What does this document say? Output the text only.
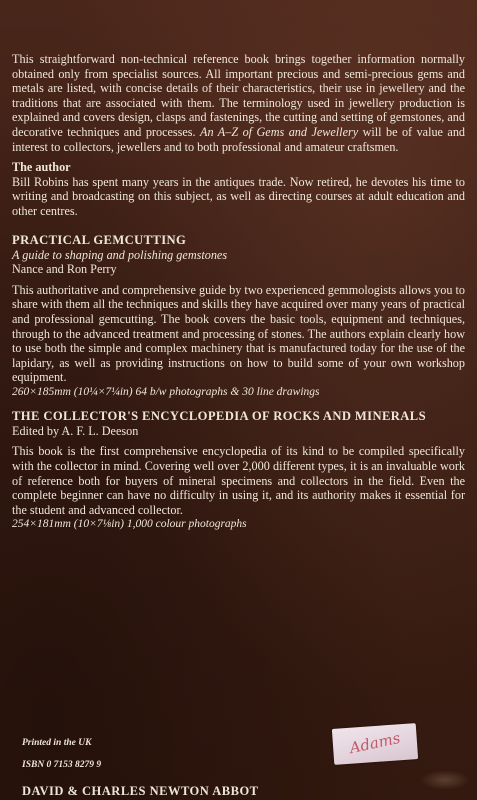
This straightforward non-technical reference book brings together information normally obtained only from specialist sources. All important precious and semi-precious gems and metals are listed, with concise details of their characteristics, their use in jewellery and the traditions that are associated with them. The terminology used in jewellery production is explained and covers design, clasps and fastenings, the cutting and setting of gemstones, and decorative techniques and processes. An A–Z of Gems and Jewellery will be of value and interest to collectors, jewellers and to both professional and amateur craftsmen.

The author

Bill Robins has spent many years in the antiques trade. Now retired, he devotes his time to writing and broadcasting on this subject, as well as directing courses at adult education and other centres.

PRACTICAL GEMCUTTING
A guide to shaping and polishing gemstones
Nance and Ron Perry

This authoritative and comprehensive guide by two experienced gemmologists allows you to share with them all the techniques and skills they have acquired over many years of practical and professional gemcutting. The book covers the basic tools, equipment and techniques, through to the advanced treatment and processing of stones. The authors explain clearly how to use both the simple and complex machinery that is manufactured today for the use of the lapidary, as well as providing instructions on how to build some of your own workshop equipment.

260×185mm (10¼×7¼in) 64 b/w photographs & 30 line drawings

THE COLLECTOR'S ENCYCLOPEDIA OF ROCKS AND MINERALS
Edited by A. F. L. Deeson

This book is the first comprehensive encyclopedia of its kind to be compiled specifically with the collector in mind. Covering well over 2,000 different types, it is an invaluable work of reference both for buyers of mineral specimens and collectors in the field. Even the complete beginner can have no difficulty in using it, and its authority makes it essential for the student and advanced collector.

254×181mm (10×7⅛in) 1,000 colour photographs

Printed in the UK
ISBN 0 7153 8279 9
DAVID & CHARLES NEWTON ABBOT
Adams
